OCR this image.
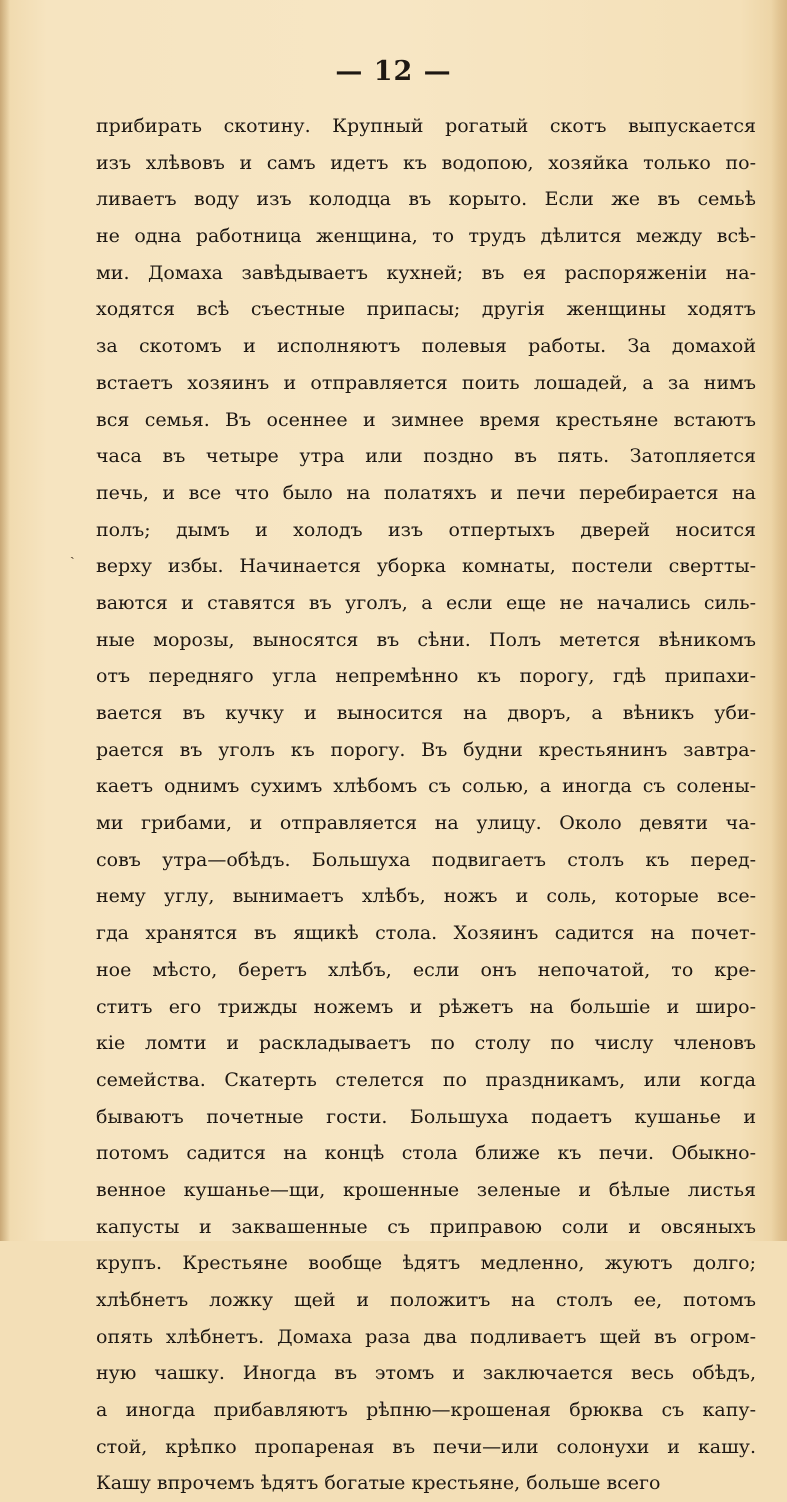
— 12 —
ˎ
прибирать скотину. Крупный рогатый скотъ выпускается
изъ хлѣвовъ и самъ идетъ къ водопою, хозяйка только по-
ливаетъ воду изъ колодца въ корыто. Если же въ семьѣ
не одна работница женщина, то трудъ дѣлится между всѣ-
ми. Домаха завѣдываетъ кухней; въ ея распоряженіи на-
ходятся всѣ съестные припасы; другія женщины ходятъ
за скотомъ и исполняютъ полевыя работы. За домахой
встаетъ хозяинъ и отправляется поить лошадей, а за нимъ
вся семья. Въ осеннее и зимнее время крестьяне встаютъ
часа въ четыре утра или поздно въ пять. Затопляется
печь, и все что было на полатяхъ и печи перебирается на
полъ; дымъ и холодъ изъ отпертыхъ дверей носится
верху избы. Начинается уборка комнаты, постели свертты-
ваются и ставятся въ уголъ, а если еще не начались силь-
ные морозы, выносятся въ сѣни. Полъ метется вѣникомъ
отъ передняго угла непремѣнно къ порогу, гдѣ припахи-
вается въ кучку и выносится на дворъ, а вѣникъ уби-
рается въ уголъ къ порогу. Въ будни крестьянинъ завтра-
каетъ однимъ сухимъ хлѣбомъ съ солью, а иногда съ солены-
ми грибами, и отправляется на улицу. Около девяти ча-
совъ утра—обѣдъ. Большуха подвигаетъ столъ къ перед-
нему углу, вынимаетъ хлѣбъ, ножъ и соль, которые все-
гда хранятся въ ящикѣ стола. Хозяинъ садится на почет-
ное мѣсто, беретъ хлѣбъ, если онъ непочатой, то кре-
ститъ его трижды ножемъ и рѣжетъ на большіе и широ-
кіе ломти и раскладываетъ по столу по числу членовъ
семейства. Скатерть стелется по праздникамъ, или когда
бываютъ почетные гости. Большуха подаетъ кушанье и
потомъ садится на концѣ стола ближе къ печи. Обыкно-
венное кушанье—щи, крошенные зеленые и бѣлые листья
капусты и заквашенные съ приправою соли и овсяныхъ
крупъ. Крестьяне вообще ѣдятъ медленно, жуютъ долго;
хлѣбнетъ ложку щей и положитъ на столъ ее, потомъ
опять хлѣбнетъ. Домаха раза два подливаетъ щей въ огром-
ную чашку. Иногда въ этомъ и заключается весь обѣдъ,
а иногда прибавляютъ рѣпню—крошеная брюква съ капу-
стой, крѣпко пропареная въ печи—или солонухи и кашу.
Кашу впрочемъ ѣдятъ богатые крестьяне, больше всего
